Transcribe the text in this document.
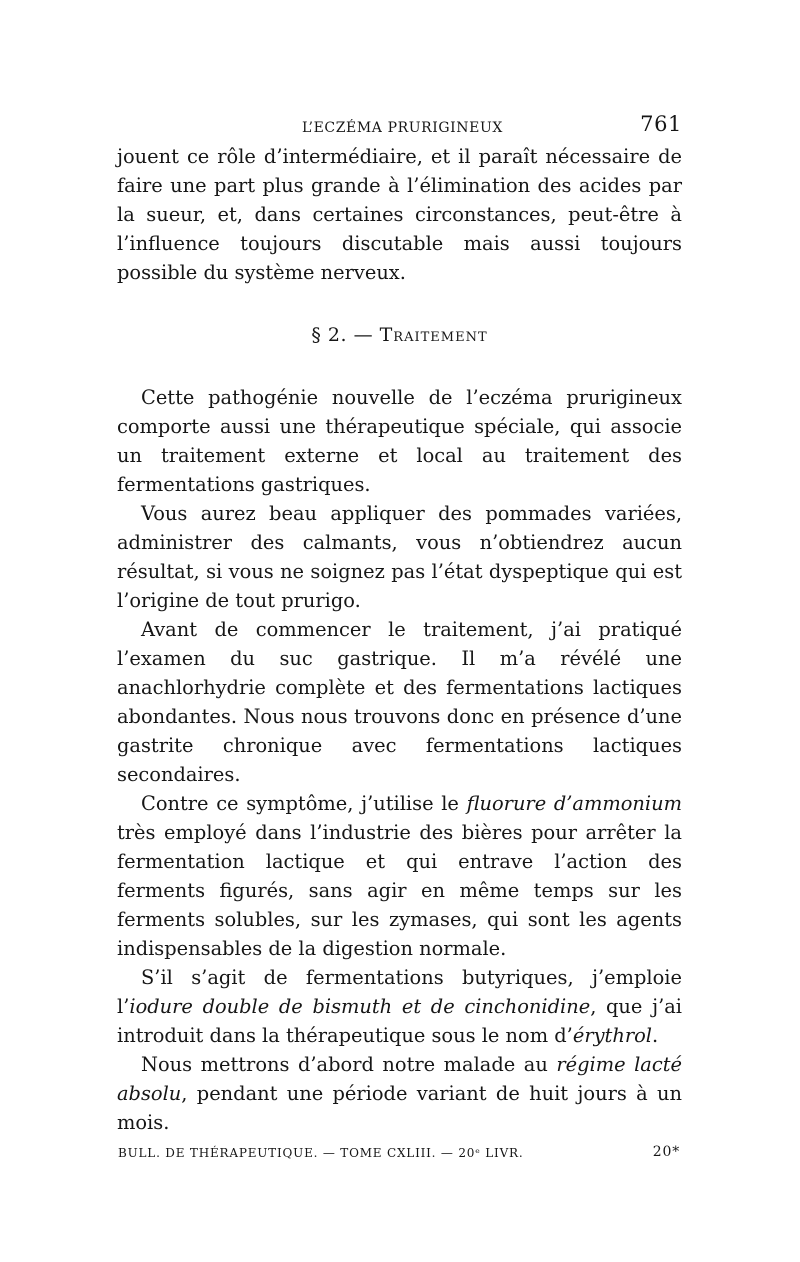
L’ECZÉMA PRURIGINEUX	761

jouent ce rôle d’intermédiaire, et il paraît nécessaire de faire une part plus grande à l’élimination des acides par la sueur, et, dans certaines circonstances, peut-être à l’influence toujours discutable mais aussi toujours possible du système nerveux.

§ 2. — Traitement

Cette pathogénie nouvelle de l’eczéma prurigineux comporte aussi une thérapeutique spéciale, qui associe un traitement externe et local au traitement des fermentations gastriques.

Vous aurez beau appliquer des pommades variées, administrer des calmants, vous n’obtiendrez aucun résultat, si vous ne soignez pas l’état dyspeptique qui est l’origine de tout prurigo.

Avant de commencer le traitement, j’ai pratiqué l’examen du suc gastrique. Il m’a révélé une anachlorhydrie complète et des fermentations lactiques abondantes. Nous nous trouvons donc en présence d’une gastrite chronique avec fermentations lactiques secondaires.

Contre ce symptôme, j’utilise le fluorure d’ammonium très employé dans l’industrie des bières pour arrêter la fermentation lactique et qui entrave l’action des ferments figurés, sans agir en même temps sur les ferments solubles, sur les zymases, qui sont les agents indispensables de la digestion normale.

S’il s’agit de fermentations butyriques, j’emploie l’iodure double de bismuth et de cinchonidine, que j’ai introduit dans la thérapeutique sous le nom d’érythrol.

Nous mettrons d’abord notre malade au régime lacté absolu, pendant une période variant de huit jours à un mois.

BULL. DE THÉRAPEUTIQUE. — TOME CXLIII. — 20ᵉ LIVR.	20*
